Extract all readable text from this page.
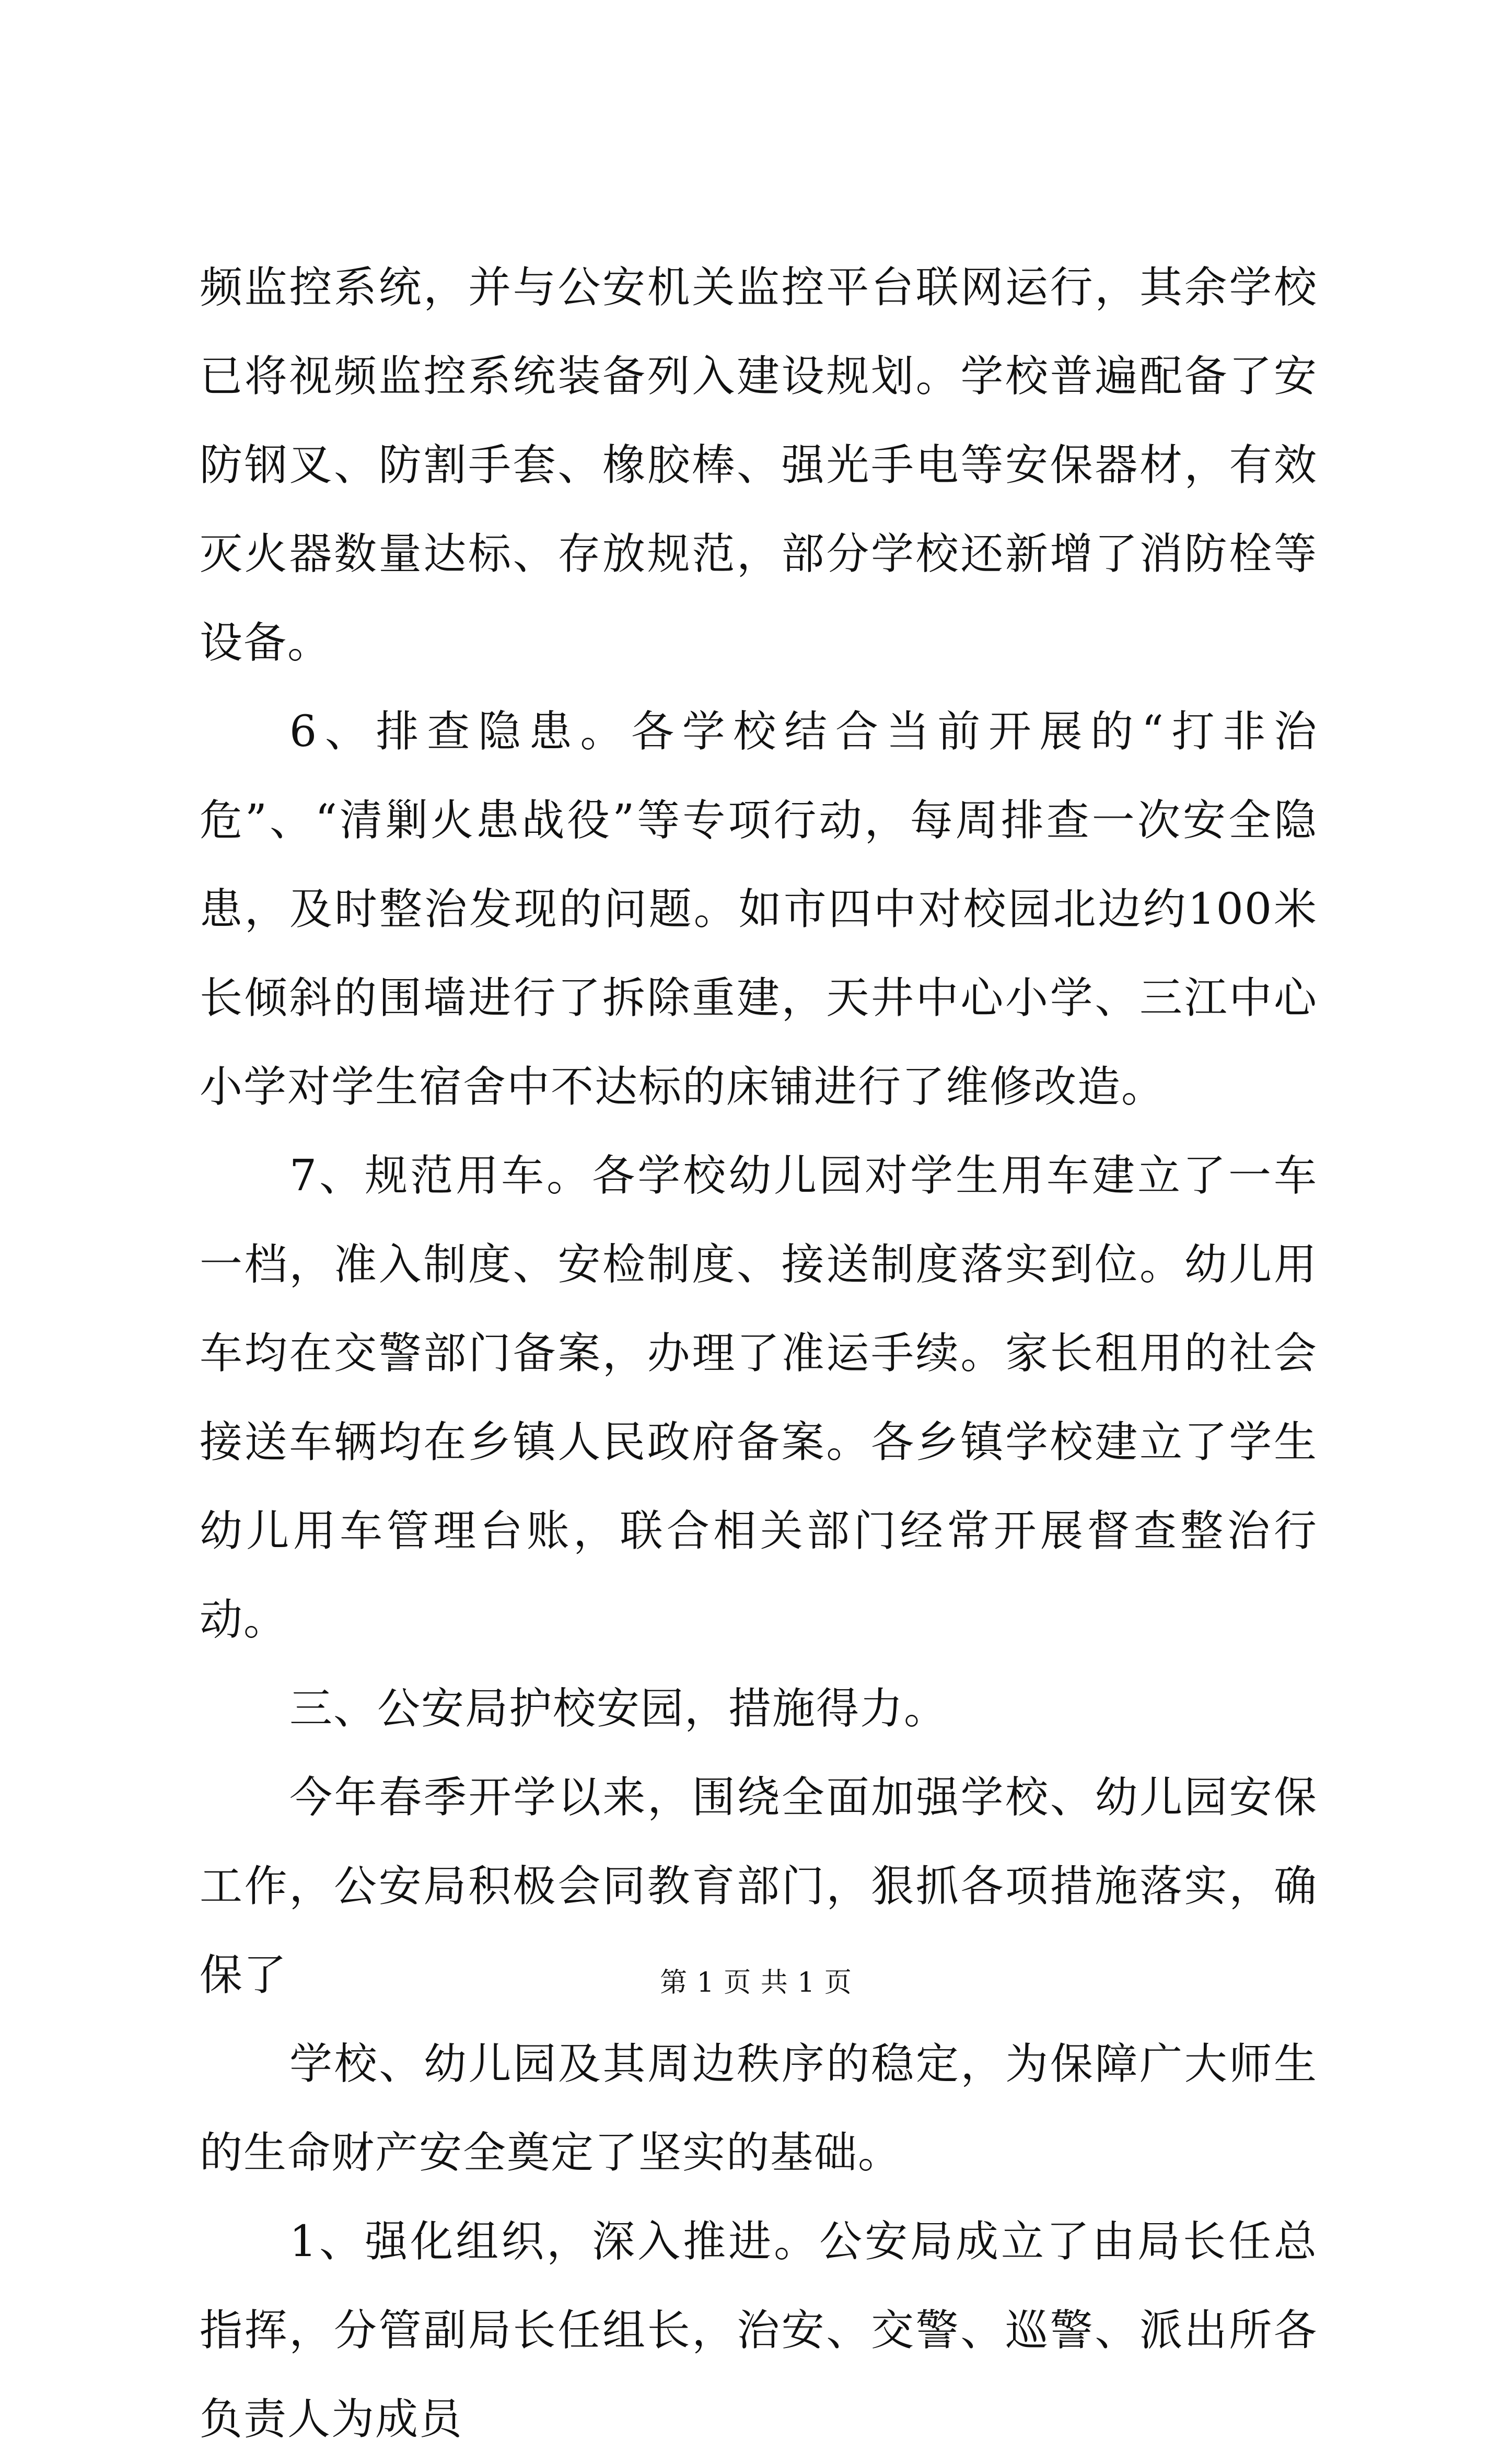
频监控系统，并与公安机关监控平台联网运行，其余学校已将视频监控系统装备列入建设规划。学校普遍配备了安防钢叉、防割手套、橡胶棒、强光手电等安保器材，有效灭火器数量达标、存放规范，部分学校还新增了消防栓等设备。

6、排查隐患。各学校结合当前开展的“打非治危”、“清剿火患战役”等专项行动，每周排查一次安全隐患，及时整治发现的问题。如市四中对校园北边约100米长倾斜的围墙进行了拆除重建，天井中心小学、三江中心小学对学生宿舍中不达标的床铺进行了维修改造。

7、规范用车。各学校幼儿园对学生用车建立了一车一档，准入制度、安检制度、接送制度落实到位。幼儿用车均在交警部门备案，办理了准运手续。家长租用的社会接送车辆均在乡镇人民政府备案。各乡镇学校建立了学生幼儿用车管理台账，联合相关部门经常开展督查整治行动。

三、公安局护校安园，措施得力。

今年春季开学以来，围绕全面加强学校、幼儿园安保工作，公安局积极会同教育部门，狠抓各项措施落实，确保了

学校、幼儿园及其周边秩序的稳定，为保障广大师生的生命财产安全奠定了坚实的基础。

1、强化组织，深入推进。公安局成立了由局长任总指挥，分管副局长任组长，治安、交警、巡警、派出所各负责人为成员

第 1 页 共 1 页
